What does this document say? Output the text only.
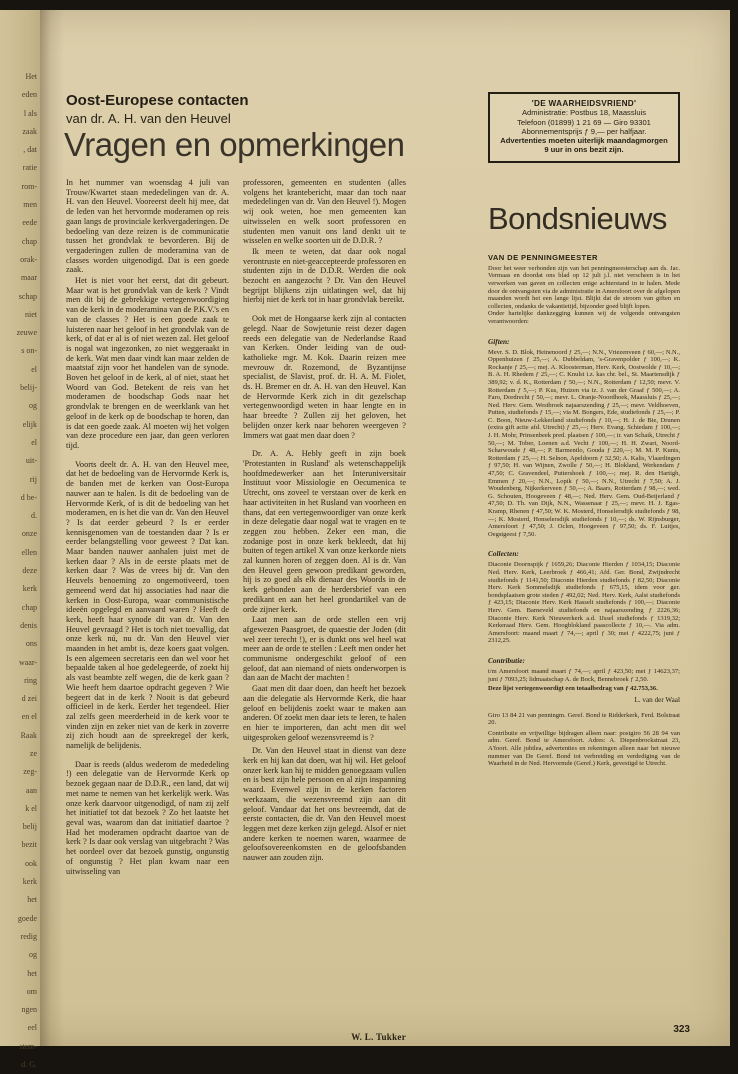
Het

eden

l als

zaak

, dat

ratie

rom-

men

eede

chap

orak-

maar

schap

niet

zeuwe

s on-

el

belij-

og

elijk

el

uit-

rij

d be-

d.

onze

ellen

deze

kerk

chap

denis

ons

waar-

ring

d zei

en el

Raak

ze

zeg-

aan

k el

belij

bezit

ook

kerk

het

goede

redig

og

het

om

ngen

eel

stem-

d. G.

Oost-Europese contacten
van dr. A. H. van den Heuvel
Vragen en opmerkingen

In het nummer van woensdag 4 juli van Trouw/Kwartet staan mededelingen van dr. A. H. van den Heuvel. Vooreerst deelt hij mee, dat de leden van het hervormde moderamen op reis gaan langs de provinciale kerkvergaderingen. De bedoeling van deze reizen is de communicatie tussen het grondvlak te bevorderen. Bij de vergaderingen zullen de moderamina van de classes worden uitgenodigd. Dat is een goede zaak.

Het is niet voor het eerst, dat dit gebeurt. Maar wat is het grondvlak van de kerk ? Vindt men dit bij de gebrekkige vertegenwoordiging van de kerk in de moderamina van de P.K.V.'s en van de classes ? Het is een goede zaak te luisteren naar het geloof in het grondvlak van de kerk, of dat er al is of niet wezen zal. Het geloof is nogal wat ingezonken, zo niet weggeraakt in de kerk. Wat men daar vindt kan maar zelden de maatstaf zijn voor het handelen van de synode. Boven het geloof in de kerk, al of niet, staat het Woord van God. Betekent de reis van het moderamen de boodschap Gods naar het grondvlak te brengen en de weerklank van het geloof in de kerk op de boodschap te horen, dan is dat een goede zaak. Al moeten wij het volgen van deze procedure een jaar, dan geen verloren tijd.

Voorts deelt dr. A. H. van den Heuvel mee, dat het de bedoeling van de Hervormde Kerk is, de banden met de kerken van Oost-Europa nauwer aan te halen. Is dit de bedoeling van de Hervormde Kerk, of is dit de bedoeling van het moderamen, en is het die van dr. Van den Heuvel ? Is dat eerder gebeurd ? Is er eerder kennisgenomen van de toestanden daar ? Is er eerder belangstelling voor geweest ? Dat kan. Maar banden nauwer aanhalen juist met de kerken daar ? Als in de eerste plaats met de kerken daar ? Was de vrees bij dr. Van den Heuvels benoeming zo ongemotiveerd, toen gemeend werd dat hij associaties had naar die kerken in Oost-Europa, waar communistische ideeën opgelegd en aanvaard waren ? Heeft de kerk, heeft haar synode dit van dr. Van den Heuvel gevraagd ? Het is toch niet toevallig, dat onze kerk nú, nu dr. Van den Heuvel vier maanden in het ambt is, deze koers gaat volgen. Is een algemeen secretaris een dan wel voor het bepaalde taken al hoe gedelegeerde, of zoekt hij als vast beambte zelf wegen, die de kerk gaan ? Wie heeft hem daartoe opdracht gegeven ? Wie begeert dat in de kerk ? Nooit is dat gebeurd officieel in de kerk. Eerder het tegendeel. Hier zal zelfs geen meerderheid in de kerk voor te vinden zijn en zeker niet van de kerk in zoverre zij zich houdt aan de spreekregel der kerk, namelijk de belijdenis.

Daar is reeds (aldus wederom de mededeling !) een delegatie van de Hervormde Kerk op bezoek gegaan naar de D.D.R., een land, dat wij met name te nemen van het kerkelijk werk. Was onze kerk daarvoor uitgenodigd, of nam zij zelf het initiatief tot dat bezoek ? Zo het laatste het geval was, waarom dan dat initiatief daartoe ? Had het moderamen opdracht daartoe van de kerk ? Is daar ook verslag van uitgebracht ? Was het oordeel over dat bezoek gunstig, ongunstig of ongunstig ? Het plan kwam naar een uitwisseling van

professoren, gemeenten en studenten (alles volgens het krantebericht, maar dan toch naar mededelingen van dr. Van den Heuvel !). Mogen wij ook weten, hoe men gemeenten kan uitwisselen en welk soort professoren en studenten men vanuit ons land denkt uit te wisselen en welke soorten uit de D.D.R. ?

Ik meen te weten, dat daar ook nogal verontruste en niet-geaccepteerde professoren en studenten zijn in de D.D.R. Werden die ook bezocht en aangezocht ? Dr. Van den Heuvel begrijpt blijkens zijn uitlatingen wel, dat hij hierbij niet de kerk tot in haar grondvlak bereikt.

Ook met de Hongaarse kerk zijn al contacten gelegd. Naar de Sowjetunie reist dezer dagen reeds een delegatie van de Nederlandse Raad van Kerken. Onder leiding van de oud-katholieke mgr. M. Kok. Daarin reizen mee mevrouw dr. Rozemond, de Byzantijnse specialist, de Slavist, prof. dr. H. A. M. Fiolet, ds. H. Bremer en dr. A. H. van den Heuvel. Kan de Hervormde Kerk zich in dit gezelschap vertegenwoordigd weten in haar lengte en in haar breedte ? Zullen zij het geloven, het belijden onzer kerk naar behoren weergeven ? Immers wat gaat men daar doen ?

Dr. A. A. Hebly geeft in zijn boek 'Protestanten in Rusland' als wetenschappelijk hoofdmedewerker aan het Interuniversitair Instituut voor Missiologie en Oecumenica te Utrecht, ons zoveel te verstaan over de kerk en haar activiteiten in het Rusland van voorheen en thans, dat een vertegenwoordiger van onze kerk in deze delegatie daar nogal wat te vragen en te zeggen zou hebben. Zeker een man, die zodanige post in onze kerk bekleedt, dat hij buiten of tegen artikel X van onze kerkorde niets zal kunnen horen of zeggen doen. Al is dr. Van den Heuvel geen gewoon predikant geworden, hij is zo goed als elk dienaar des Woords in de kerk gebonden aan de herdersbrief van een predikant en aan het heel grondartikel van de orde zijner kerk.

Laat men aan de orde stellen een vrij afgewezen Paasgroet, de quaestie der Joden (dit wel zeer terecht !), er is dunkt ons wel heel wat meer aan de orde te stellen : Leeft men onder het communisme ondergeschikt geloof of een geloof, dat aan niemand of niets onderworpen is dan aan de Macht der machten !

Gaat men dit daar doen, dan heeft het bezoek aan die delegatie als Hervormde Kerk, die haar geloof en belijdenis zoekt waar te maken aan anderen. Of zoekt men daar iets te leren, te halen en hier te importeren, dan acht men dit wel uitgesproken geloof wezensvreemd is ?

Dr. Van den Heuvel staat in dienst van deze kerk en hij kan dat doen, wat hij wil. Het geloof onzer kerk kan hij te midden genoegzaam vullen en is best zijn hele persoon en al zijn inspanning waard. Evenwel zijn in de kerken factoren werkzaam, die wezensvreemd zijn aan dit geloof. Vandaar dat het ons bevreemdt, dat de eerste contacten, die dr. Van den Heuvel moest leggen met deze kerken zijn gelegd. Alsof er niet andere kerken te noemen waren, waarmee de geloofsovereenkomsten en de geloofsbanden nauwer aan zouden zijn.

W. L. Tukker
'DE WAARHEIDSVRIEND'
Administratie: Postbus 18, Maassluis
Telefoon (01899) 1 21 69 — Giro 93301
Abonnementsprijs ƒ 9,— per halfjaar.
Advertenties moeten uiterlijk maandagmorgen
9 uur in ons bezit zijn.
Bondsnieuws
VAN DE PENNINGMEESTER

Door het weer verbonden zijn van het penningmeesterschap aan ds. Jac. Vermaas en doordat ons blad op 12 juli j.l. niet verscheen is in het verwerken van gaven en collecten enige achterstand in te halen. Mede door de ontvangsten via de administratie in Amersfoort over de afgelopen maanden wordt het een lange lijst. Blijkt dat de stroom van giften en collecten, ondanks de vakantietijd, bijzonder goed blijft lopen.

Onder hartelijke dankzegging kunnen wij de volgende ontvangsten verantwoorden:

Giften:
Mevr. S. D. Blok, Heinenoord ƒ 25,—; N.N., Vriezenveen ƒ 60,—; N.N., Oppenhuizen ƒ 25,—; A. Dubbeldam, 's-Gravenpolder ƒ 100,—; K. Rockanje ƒ 25,—; mej. A. Kloosterman, Herv. Kerk, Oostwolde ƒ 10,—; B. A. H. Rhedem ƒ 25,—; C. Knulst i.z. kas chr. bel., St. Maartensdijk ƒ 389,92; v. d. K., Rotterdam ƒ 50,—; N.N., Rotterdam ƒ 12,50; mevr. V. Rotterdam ƒ 5,—; P. Kus, Huizen via iz. J. van der Graaf ƒ 500,—; A. Faro, Dordrecht ƒ 50,—; mevr. L. Oranje-Noordhoek, Maassluis ƒ 25,—; Ned. Herv. Gem. Westbroek najaarszending ƒ 25,—; mevr. Veldhoeven, Putten, studiefonds ƒ 15,—; via M. Bongers, Ede, studiefonds ƒ 25,—; P. C. Boon, Nieuw-Lekkerland studiefonds ƒ 10,—; H. J. de Bie, Drunen (extra gift actie afd. Utrecht) ƒ 25,—; Herv. Evang. Schiedam ƒ 100,—; J. H. Mohr, Prinsenbeek pred. plaatsen ƒ 100,—; ir. van Schaik, Utrecht ƒ 50,—; M. Tober, Loenen a.d. Vecht ƒ 100,—; H. H. Zwart, Noord-Scharwoude ƒ 48,—; P. Barmentlo, Gouda ƒ 220,—; M. M. P. Kunis, Rotterdam ƒ 25,—; H. Selnon, Apeldoorn ƒ 32,50; A. Kalis, Vlaardingen ƒ 97,50; H. van Wijnen, Zwolle ƒ 50,—; H. Blokland, Werkendam ƒ 47,50; C. Gravendeel, Puttershoek ƒ 100,—; mej. R. den Hartigh, Emmen ƒ 20,—; N.N., Lopik ƒ 50,—; N.N., Utrecht ƒ 7,50; A. J. Woudenberg, Nijkerkerveen ƒ 50,—; A. Baars, Rotterdam ƒ 98,—; wed. G. Schouten, Hoogeveen ƒ 48,—; Ned. Herv. Gem. Oud-Beijerland ƒ 47,50; D. Th. van Dijk, N.N., Wassenaar ƒ 25,—; mevr. H. J. Egas-Kramp, Rhenen ƒ 47,50; W. K. Mosterd, Honselersdijk studiefonds ƒ 98,—; K. Mosterd, Honselersdijk studiefonds ƒ 10,—; ds. W. Rijnsburger, Amersfoort ƒ 47,50; J. Oclen, Hoogeveen ƒ 97,50; ds. F. Luitjes, Oegstgeest ƒ 7,50.
Collecten:
Diaconie Doornspijk ƒ 1659,26; Diaconie Hierden ƒ 1034,15; Diaconie Ned. Herv. Kerk, Leerbroek ƒ 466,41; Afd. Ger. Bond, Zwijndrecht studiefonds ƒ 1141,50; Diaconie Hierden studiefonds ƒ 82,50; Diaconie Herv. Kerk Sommelsdijk studiefonds ƒ 675,15, idem voor ger. bondsplaatsen grote steden ƒ 492,02; Ned. Herv. Kerk, Aalst studiefonds ƒ 423,15; Diaconie Herv. Kerk Hasselt studiefonds ƒ 100,—; Diaconie Herv. Gem. Barneveld studiefonds en najaarszending ƒ 2226,36; Diaconie Herv. Kerk Nieuwerkerk a.d. IJssel studiefonds ƒ 1319,32; Kerkeraad Herv. Gem. Hoogblokland paascollecte ƒ 10,—. Via adm. Amersfoort: maand maart ƒ 74,—; april ƒ 30; mei ƒ 4222,75; juni ƒ 2312,25.
Contributie:
t/m Amersfoort maand maart ƒ 74,—; april ƒ 423,50; mei ƒ 14623,37; juni ƒ 7093,25; lidmaatschap A. de Bock, Bennebroek ƒ 2,50.
Deze lijst vertegenwoordigt een totaalbedrag van ƒ 42.753,36.
L. van der Waal

Giro 13 84 21 van penningm. Geref. Bond te Ridderkerk, Ferd. Bolstraat 20.

Contributie en vrijwillige bijdragen alleen naar: postgiro 56 28 94 van adm. Geref. Bond te Amersfoort. Adres: A. Diepenbrockstraat 23, A'foort. Alle jubilea, advertenties en rekeningen alleen naar het nieuwe nummer van De Geref. Bond tot verbreiding en verdediging van de Waarheid in de Ned. Hervormde (Geref.) Kerk, gevestigd te Utrecht.

323
